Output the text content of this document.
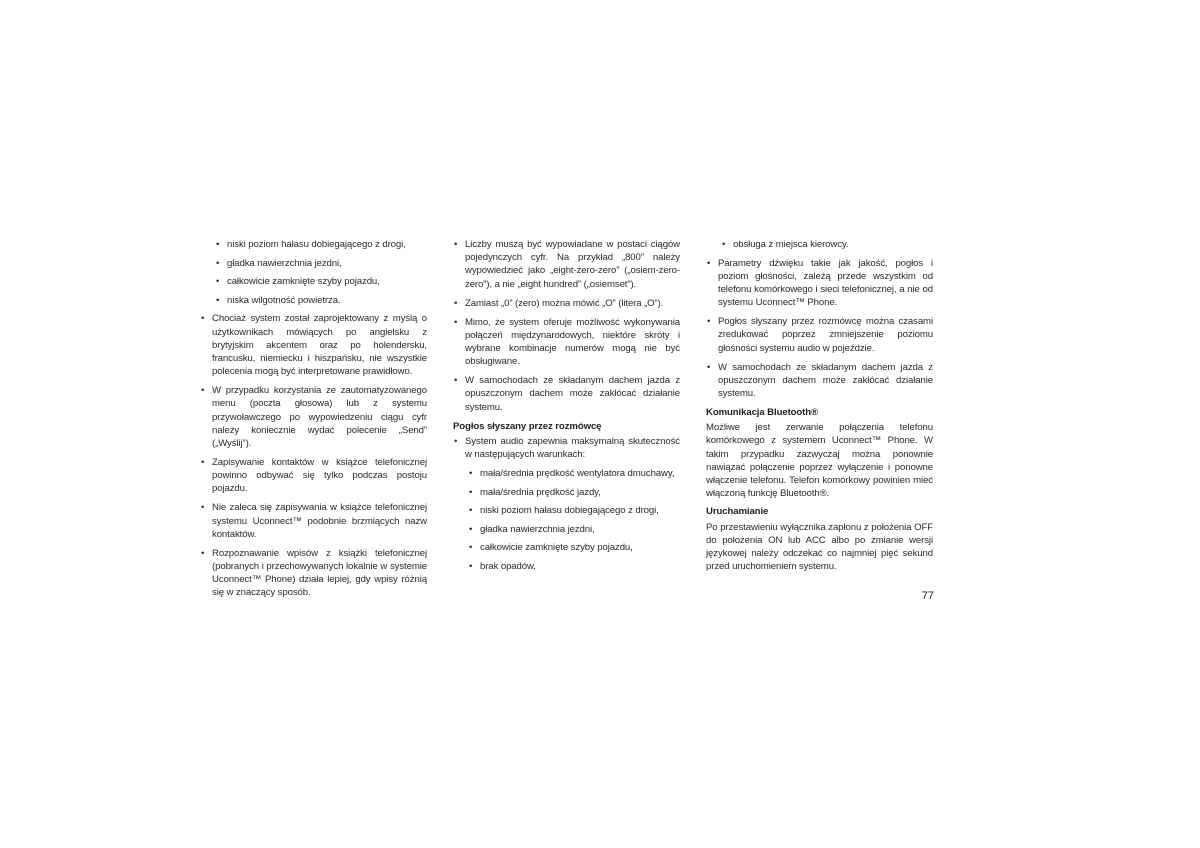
• niski poziom hałasu dobiegającego z drogi,
• gładka nawierzchnia jezdni,
• całkowicie zamknięte szyby pojazdu,
• niska wilgotność powietrza.
• Chociaż system został zaprojektowany z myślą o użytkownikach mówiących po angielsku z brytyjskim akcentem oraz po holendersku, francusku, niemiecku i hiszpańsku, nie wszystkie polecenia mogą być interpretowane prawidłowo.
• W przypadku korzystania ze zautomatyzowanego menu (poczta głosowa) lub z systemu przywoławczego po wypowiedzeniu ciągu cyfr należy koniecznie wydać polecenie „Send” („Wyślij”).
• Zapisywanie kontaktów w książce telefonicznej powinno odbywać się tylko podczas postoju pojazdu.
• Nie zaleca się zapisywania w książce telefonicznej systemu Uconnect™ podobnie brzmiących nazw kontaktów.
• Rozpoznawanie wpisów z książki telefonicznej (pobranych i przechowywanych lokalnie w systemie Uconnect™ Phone) działa lepiej, gdy wpisy różnią się w znaczący sposób.
• Liczby muszą być wypowiadane w postaci ciągów pojedynczych cyfr. Na przykład „800” należy wypowiedzieć jako „eight-zero-zero” („osiem-zero-zero”), a nie „eight hundred” („osiemset”).
• Zamiast „0” (zero) można mówić „O” (litera „O”).
• Mimo, że system oferuje możliwość wykonywania połączeń międzynarodowych, niektóre skróty i wybrane kombinacje numerów mogą nie być obsługiwane.
• W samochodach ze składanym dachem jazda z opuszczonym dachem może zakłócać działanie systemu.
Pogłos słyszany przez rozmówcę
• System audio zapewnia maksymalną skuteczność w następujących warunkach:
• mała/średnia prędkość wentylatora dmuchawy,
• mała/średnia prędkość jazdy,
• niski poziom hałasu dobiegającego z drogi,
• gładka nawierzchnia jezdni,
• całkowicie zamknięte szyby pojazdu,
• brak opadów,
• obsługa z miejsca kierowcy.
• Parametry dźwięku takie jak jakość, pogłos i poziom głośności, zależą przede wszystkim od telefonu komórkowego i sieci telefonicznej, a nie od systemu Uconnect™ Phone.
• Pogłos słyszany przez rozmówcę można czasami zredukować poprzez zmniejszenie poziomu głośności systemu audio w pojeździe.
• W samochodach ze składanym dachem jazda z opuszczonym dachem może zakłócać działanie systemu.
Komunikacja Bluetooth®
Możliwe jest zerwanie połączenia telefonu komórkowego z systemem Uconnect™ Phone. W takim przypadku zazwyczaj można ponownie nawiązać połączenie poprzez wyłączenie i ponowne włączenie telefonu. Telefon komórkowy powinien mieć włączoną funkcję Bluetooth®.
Uruchamianie
Po przestawieniu wyłącznika zapłonu z położenia OFF do położenia ON lub ACC albo po zmianie wersji językowej należy odczekać co najmniej pięć sekund przed uruchomieniem systemu.
77
